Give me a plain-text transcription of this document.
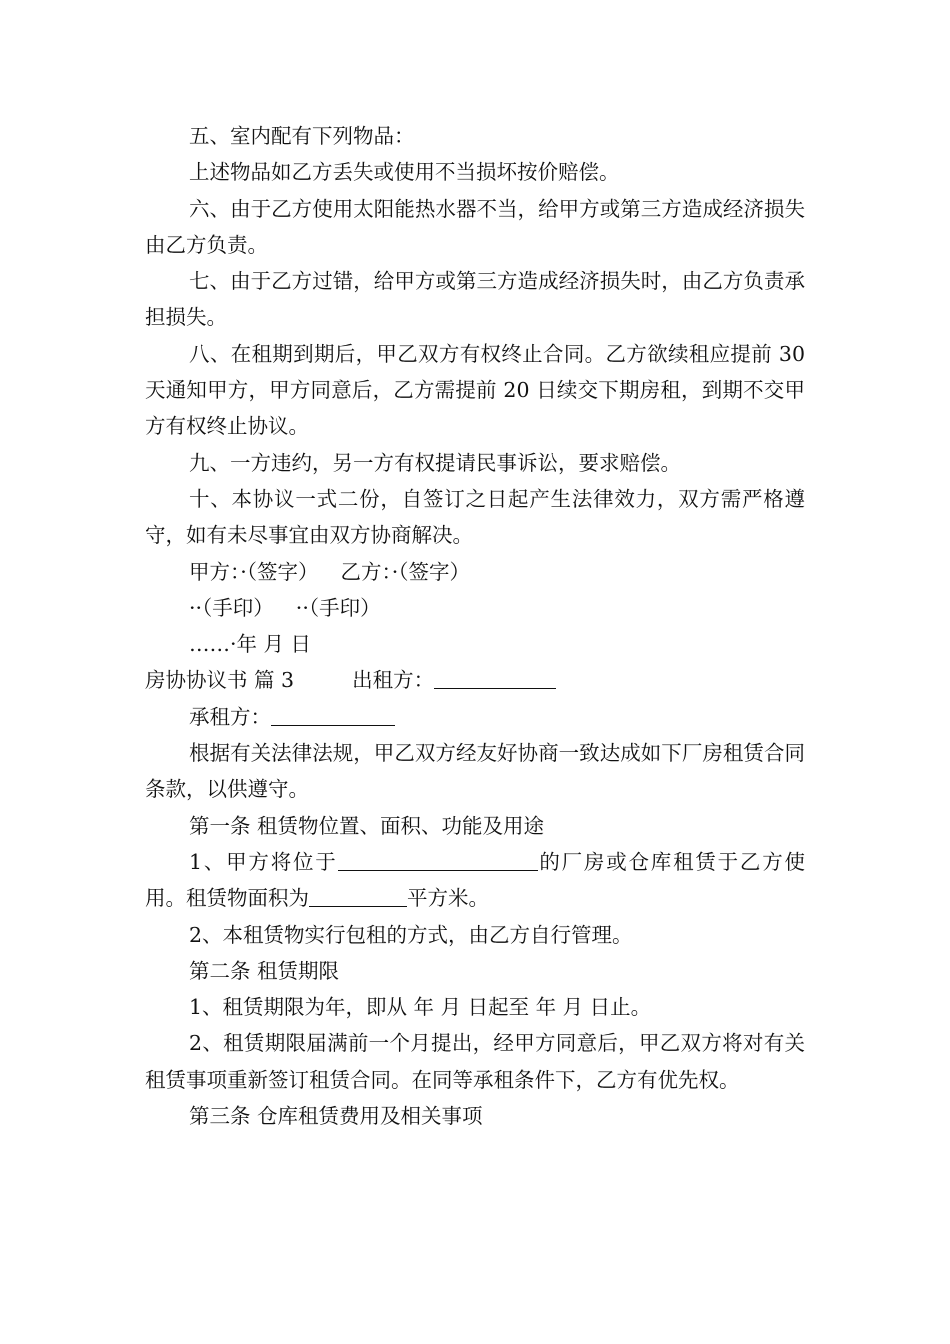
五、室内配有下列物品：

上述物品如乙方丢失或使用不当损坏按价赔偿。

六、由于乙方使用太阳能热水器不当，给甲方或第三方造成经济损失由乙方负责。

七、由于乙方过错，给甲方或第三方造成经济损失时，由乙方负责承担损失。

八、在租期到期后，甲乙双方有权终止合同。乙方欲续租应提前 30 天通知甲方，甲方同意后，乙方需提前 20 日续交下期房租，到期不交甲方有权终止协议。

九、一方违约，另一方有权提请民事诉讼，要求赔偿。

十、本协议一式二份，自签订之日起产生法律效力，双方需严格遵守，如有未尽事宜由双方协商解决。

甲方：·（签字） 乙方：·（签字）

··（手印） ··（手印）

……·年 月 日

房协协议书 篇 3	出租方：

承租方：

根据有关法律法规，甲乙双方经友好协商一致达成如下厂房租赁合同条款，以供遵守。

第一条 租赁物位置、面积、功能及用途

1、甲方将位于	的厂房或仓库租赁于乙方使用。租赁物面积为	平方米。

2、本租赁物实行包租的方式，由乙方自行管理。

第二条 租赁期限

1、租赁期限为年，即从 年 月 日起至 年 月 日止。

2、租赁期限届满前一个月提出，经甲方同意后，甲乙双方将对有关租赁事项重新签订租赁合同。在同等承租条件下，乙方有优先权。

第三条 仓库租赁费用及相关事项
